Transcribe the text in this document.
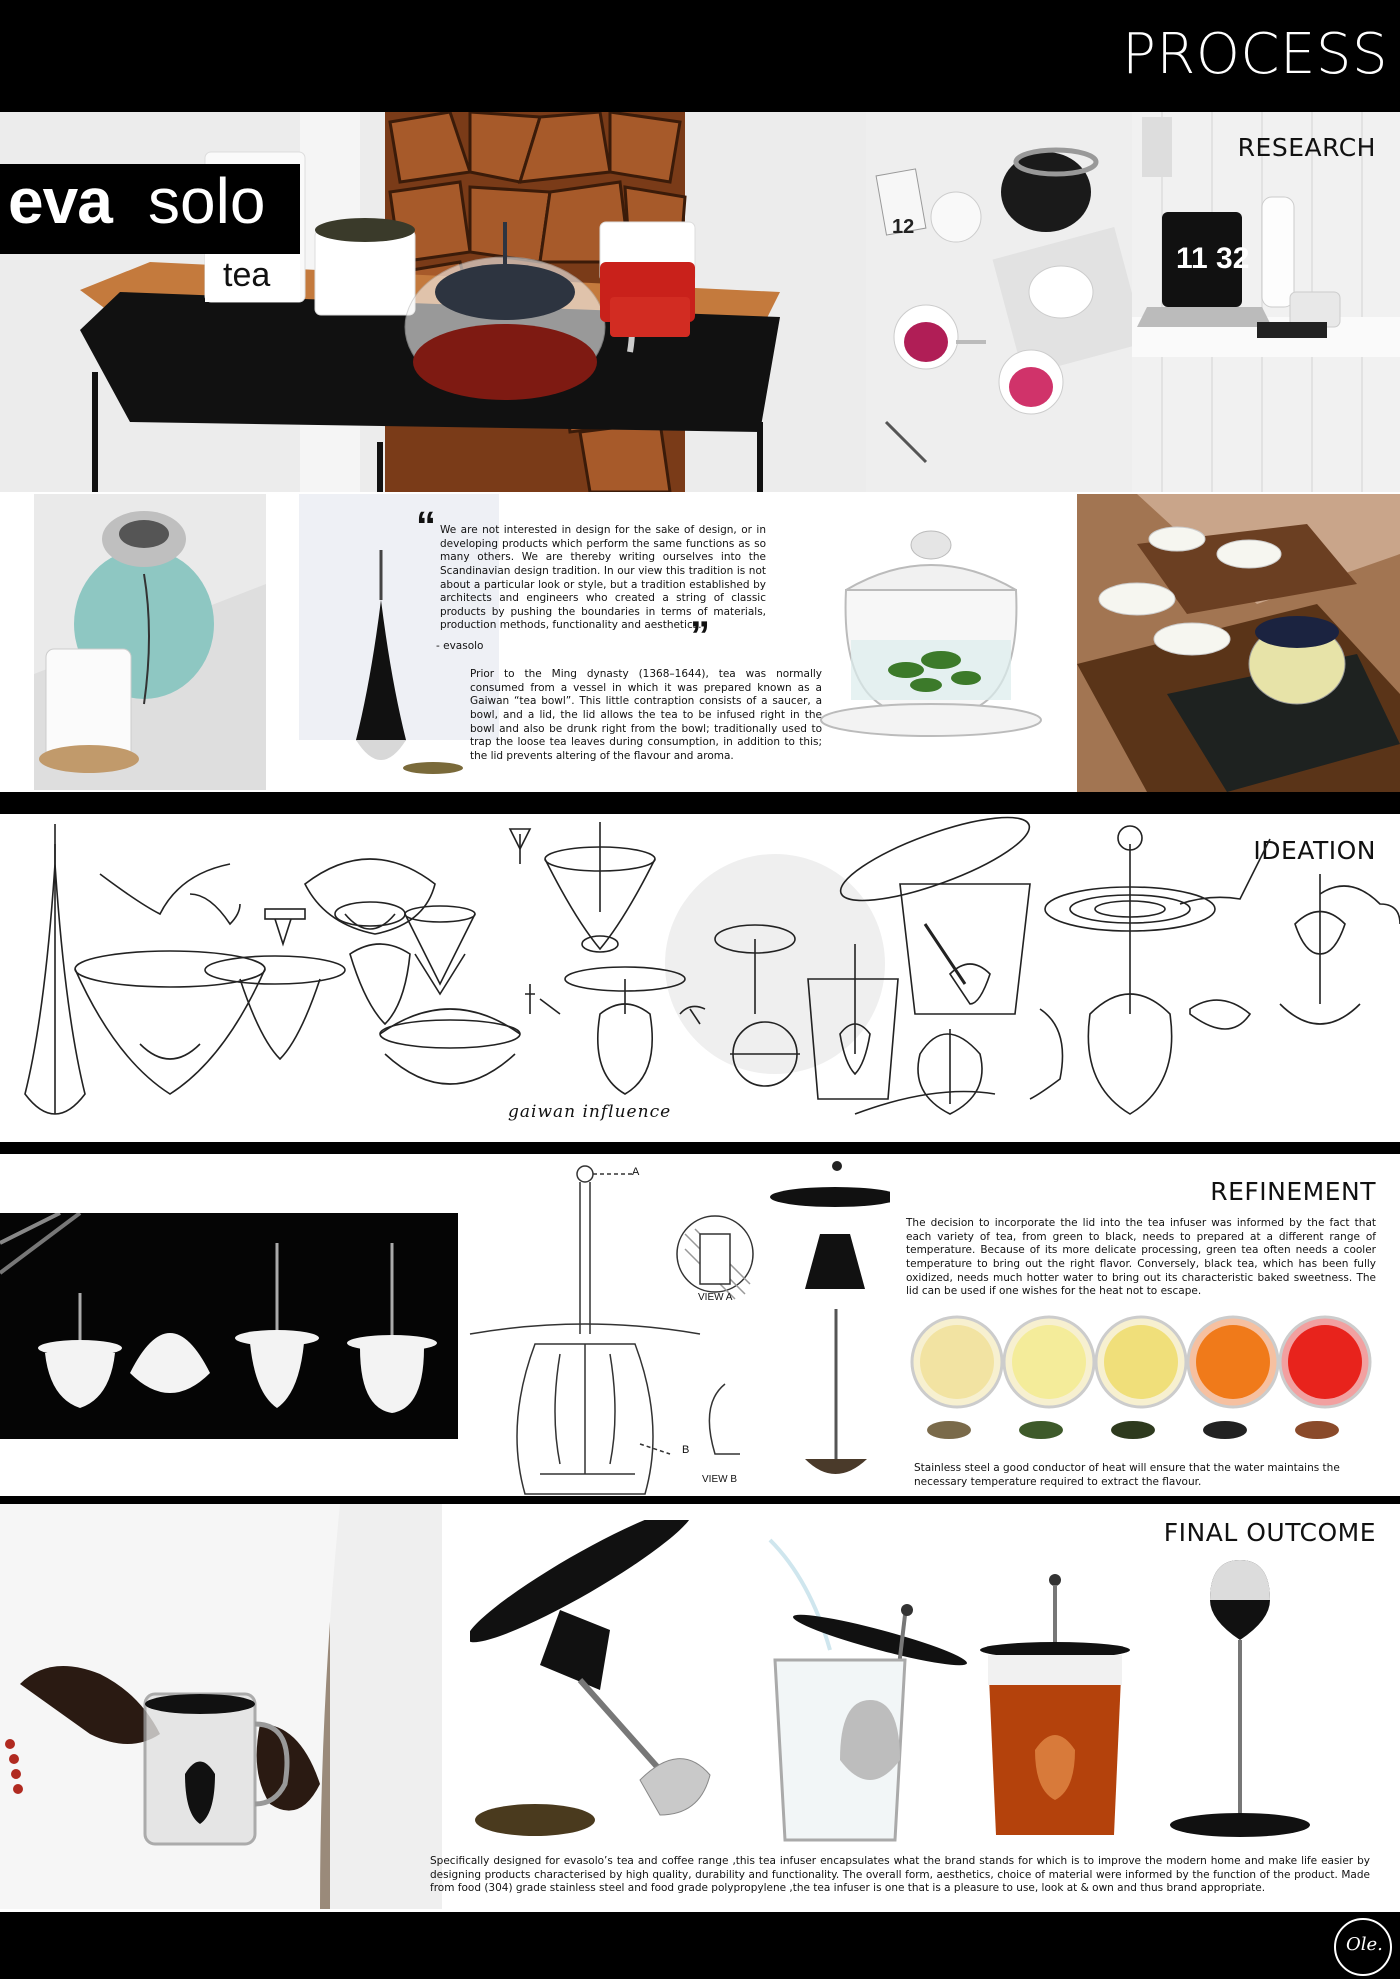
PROCESS
eva solo
tea
12
11 32
RESEARCH
“ We are not interested in design for the sake of design, or in developing products which perform the same functions as so many others. We are thereby writing ourselves into the Scandinavian design tradition. In our view this tradition is not about a particular look or style, but a tradition established by architects and engineers who created a string of classic products by pushing the boundaries in terms of materials, production methods, functionality and aesthetics.
”
- evasolo
Prior to the Ming dynasty (1368–1644), tea was normally consumed from a vessel in which it was prepared known as a Gaiwan “tea bowl”. This little contraption consists of a saucer, a bowl, and a lid, the lid allows the tea to be infused right in the bowl and also be drunk right from the bowl; traditionally used to trap the loose tea leaves during consumption, in addition to this; the lid prevents altering of the flavour and aroma.
IDEATION
gaiwan influence
REFINEMENT
A
B
VIEW A
VIEW B
The decision to incorporate the lid into the tea infuser was informed by the fact that each variety of tea, from green to black, needs to prepared at a different range of temperature. Because of its more delicate processing, green tea often needs a cooler temperature to bring out the right flavor. Conversely, black tea, which has been fully oxidized, needs much hotter water to bring out its characteristic baked sweetness. The lid can be used if one wishes for the heat not to escape.
Stainless steel a good conductor of heat will ensure that the water maintains the necessary temperature required to extract the flavour.
FINAL OUTCOME
Specifically designed for evasolo’s tea and coffee range ,this tea infuser encapsulates what the brand stands for which is to improve the modern home and make life easier by designing products characterised by high quality, durability and functionality. The overall form, aesthetics, choice of material were informed by the function of the product. Made from food (304) grade stainless steel and food grade polypropylene ,the tea infuser is one that is a pleasure to use, look at & own and thus brand appropriate.
Ole.
